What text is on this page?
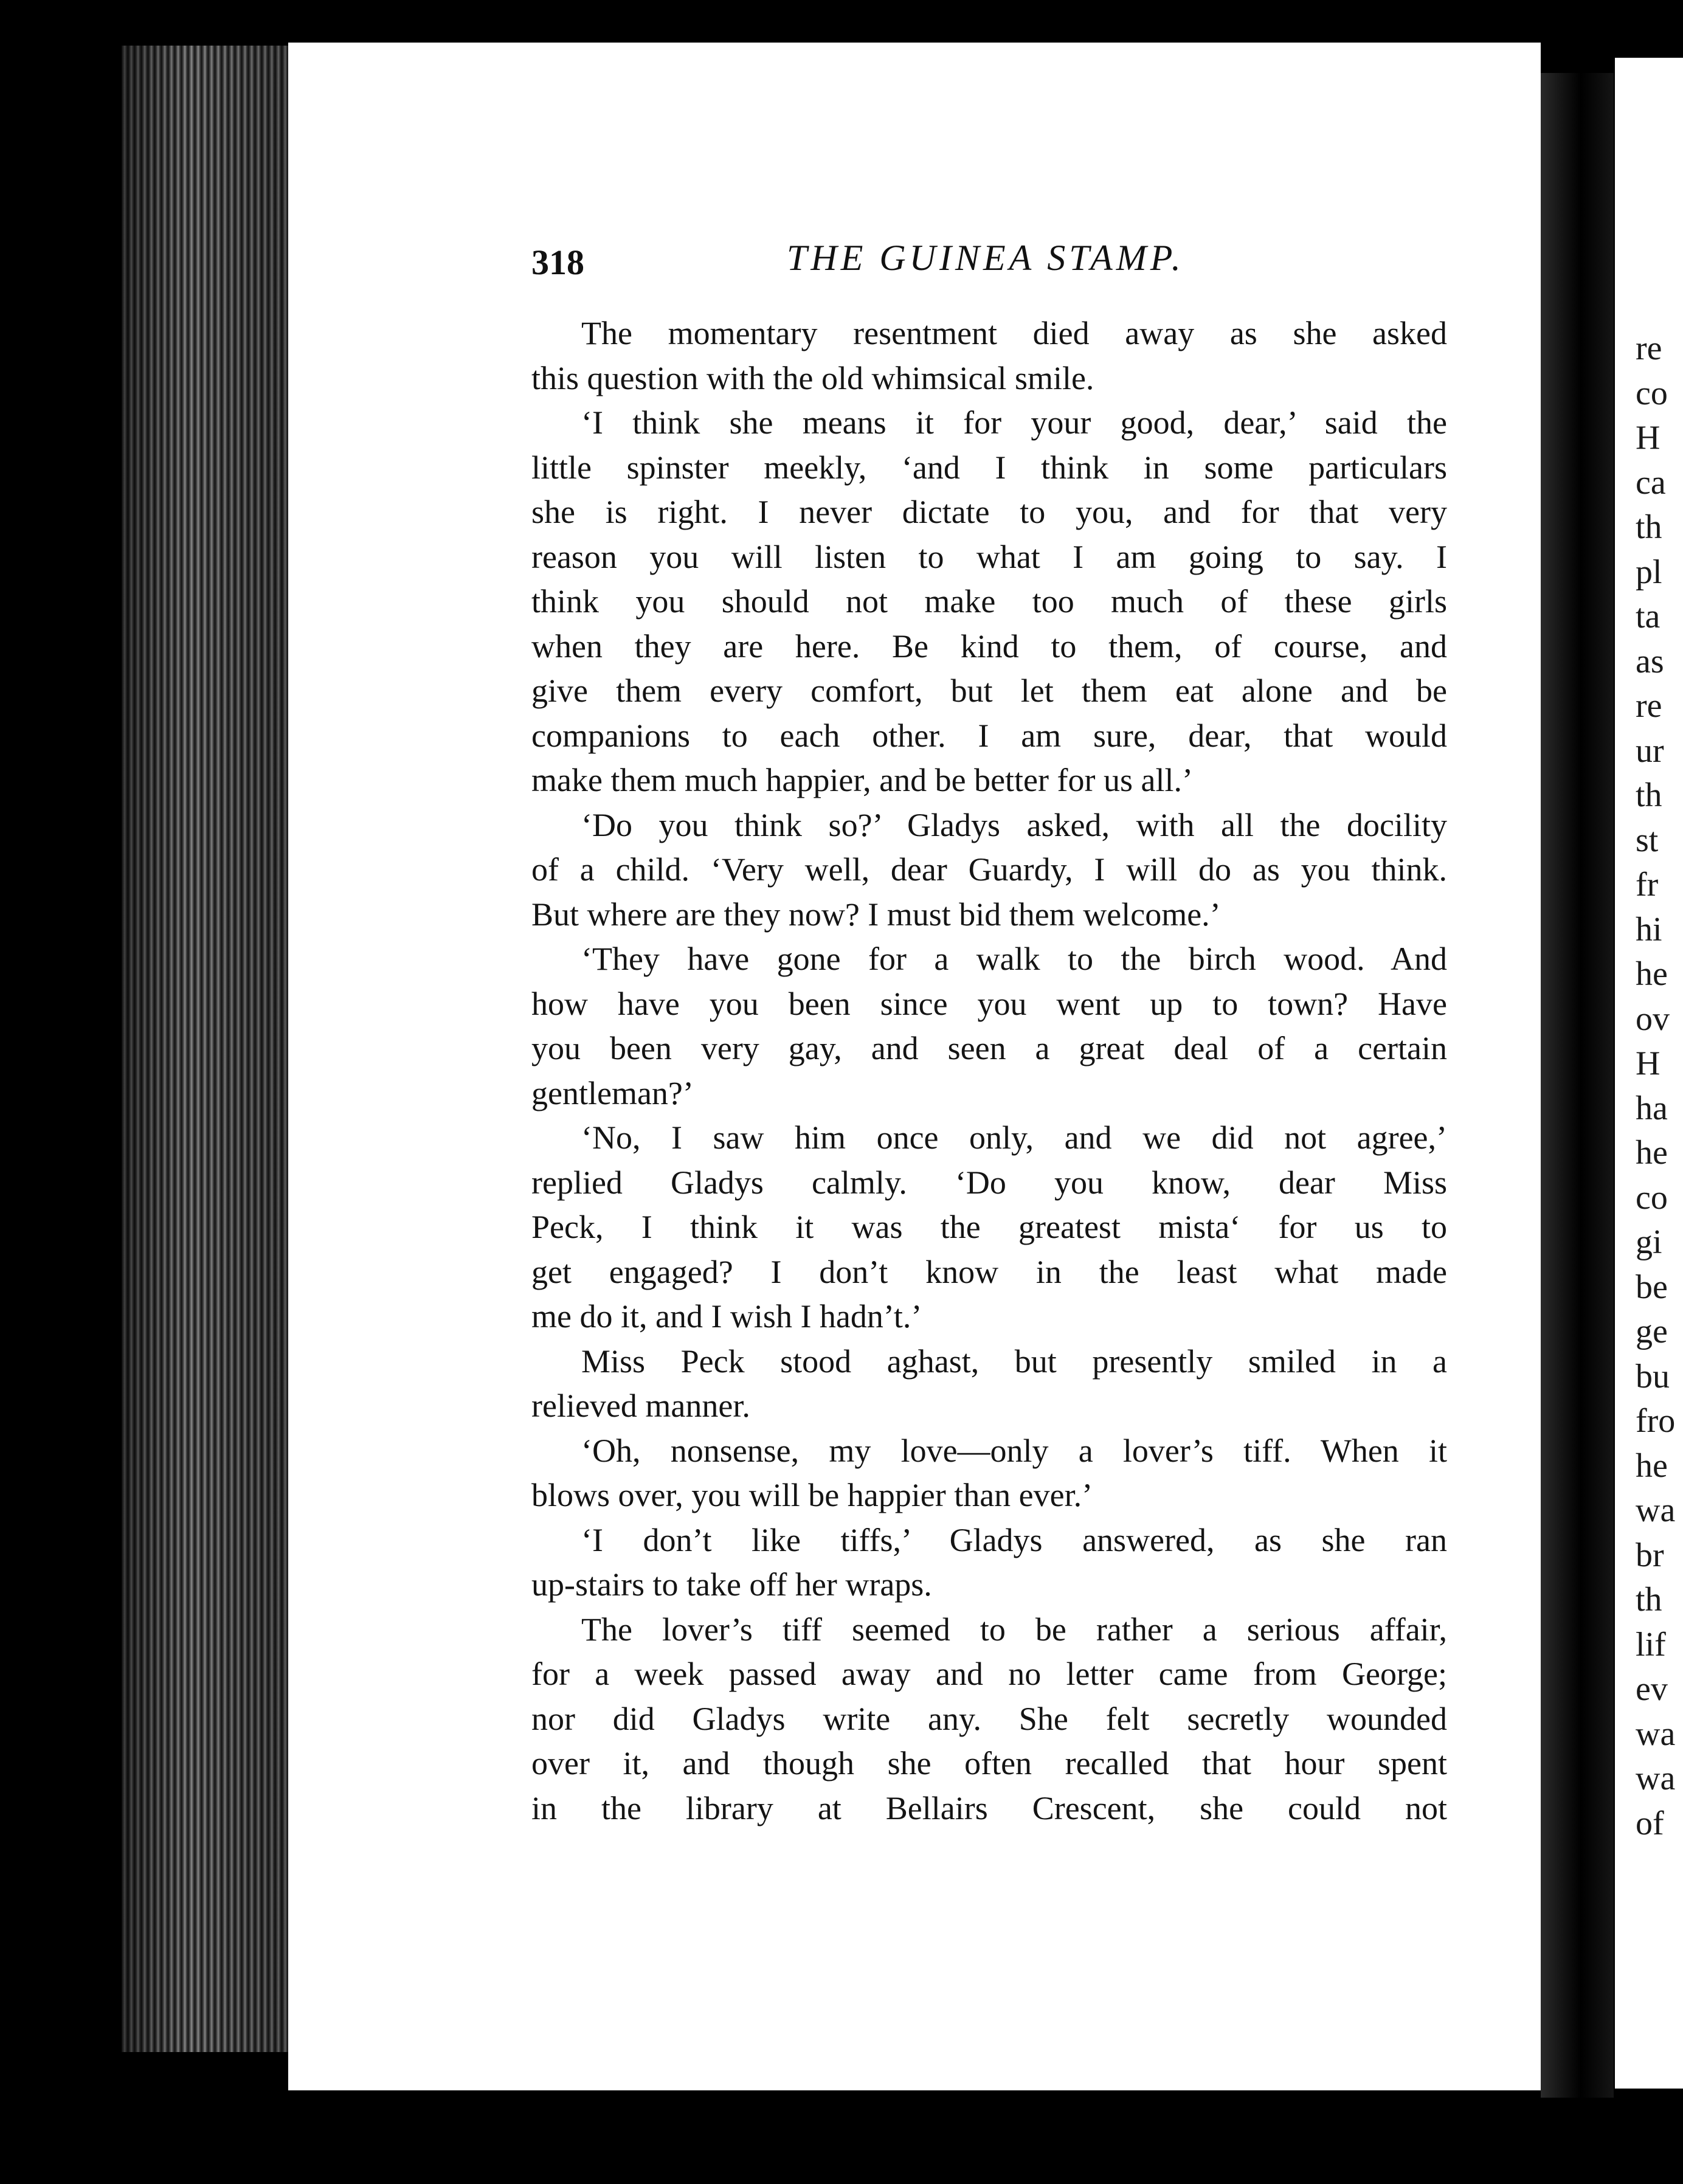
re
co
H
ca
th
pl
ta
as
re
ur
th
st
fr
hi
he
ov
H
ha
he
co
gi
be
ge
bu
fro
he
wa
br
th
lif
ev
wa
wa
of
318	THE GUINEA STAMP.
The momentary resentment died away as she asked
this question with the old whimsical smile.
‘I think she means it for your good, dear,’ said the
little spinster meekly, ‘and I think in some particulars
she is right. I never dictate to you, and for that very
reason you will listen to what I am going to say. I
think you should not make too much of these girls
when they are here. Be kind to them, of course, and
give them every comfort, but let them eat alone and be
companions to each other. I am sure, dear, that would
make them much happier, and be better for us all.’
‘Do you think so?’ Gladys asked, with all the docility
of a child. ‘Very well, dear Guardy, I will do as you think.
But where are they now? I must bid them welcome.’
‘They have gone for a walk to the birch wood. And
how have you been since you went up to town? Have
you been very gay, and seen a great deal of a certain
gentleman?’
‘No, I saw him once only, and we did not agree,’
replied Gladys calmly. ‘Do you know, dear Miss
Peck, I think it was the greatest mista‘ for us to
get engaged? I don’t know in the least what made
me do it, and I wish I hadn’t.’
Miss Peck stood aghast, but presently smiled in a
relieved manner.
‘Oh, nonsense, my love—only a lover’s tiff. When it
blows over, you will be happier than ever.’
‘I don’t like tiffs,’ Gladys answered, as she ran
up-stairs to take off her wraps.
The lover’s tiff seemed to be rather a serious affair,
for a week passed away and no letter came from George;
nor did Gladys write any. She felt secretly wounded
over it, and though she often recalled that hour spent
in the library at Bellairs Crescent, she could not
